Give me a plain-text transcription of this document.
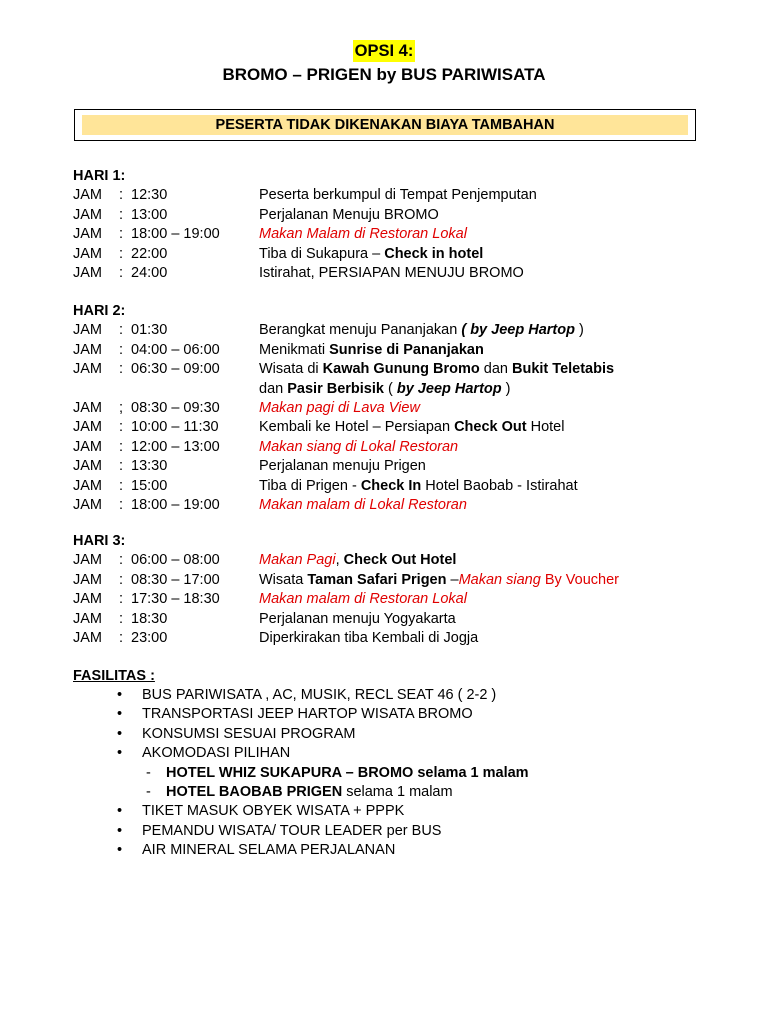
OPSI 4:
BROMO – PRIGEN by BUS PARIWISATA
PESERTA TIDAK DIKENAKAN BIAYA TAMBAHAN
HARI 1:
JAM : 12:30	Peserta berkumpul di Tempat Penjemputan
JAM : 13:00	Perjalanan Menuju BROMO
JAM : 18:00 – 19:00	Makan Malam di Restoran Lokal
JAM : 22:00	Tiba di Sukapura – Check in hotel
JAM : 24:00	Istirahat, PERSIAPAN MENUJU BROMO
HARI 2:
JAM : 01:30	Berangkat menuju Pananjakan ( by Jeep Hartop )
JAM : 04:00 – 06:00	Menikmati Sunrise di Pananjakan
JAM : 06:30 – 09:00	Wisata di Kawah Gunung Bromo dan Bukit Teletabis
dan Pasir Berbisik ( by Jeep Hartop )
JAM ; 08:30 – 09:30	Makan pagi di Lava View
JAM : 10:00 – 11:30	Kembali ke Hotel – Persiapan Check Out Hotel
JAM : 12:00 – 13:00	Makan siang di Lokal Restoran
JAM : 13:30	Perjalanan menuju Prigen
JAM : 15:00	Tiba di Prigen - Check In Hotel Baobab - Istirahat
JAM : 18:00 – 19:00	Makan malam di Lokal Restoran
HARI 3:
JAM : 06:00 – 08:00	Makan Pagi, Check Out Hotel
JAM : 08:30 – 17:00	Wisata Taman Safari Prigen –Makan siang By Voucher
JAM : 17:30 – 18:30	Makan malam di Restoran Lokal
JAM : 18:30	Perjalanan menuju Yogyakarta
JAM : 23:00	Diperkirakan tiba Kembali di Jogja
FASILITAS :
• BUS PARIWISATA , AC, MUSIK, RECL SEAT 46 ( 2-2 )
• TRANSPORTASI JEEP HARTOP WISATA BROMO
• KONSUMSI SESUAI PROGRAM
• AKOMODASI PILIHAN
- HOTEL WHIZ SUKAPURA – BROMO selama 1 malam
- HOTEL BAOBAB PRIGEN selama 1 malam
• TIKET MASUK OBYEK WISATA + PPPK
• PEMANDU WISATA/ TOUR LEADER per BUS
• AIR MINERAL SELAMA PERJALANAN
